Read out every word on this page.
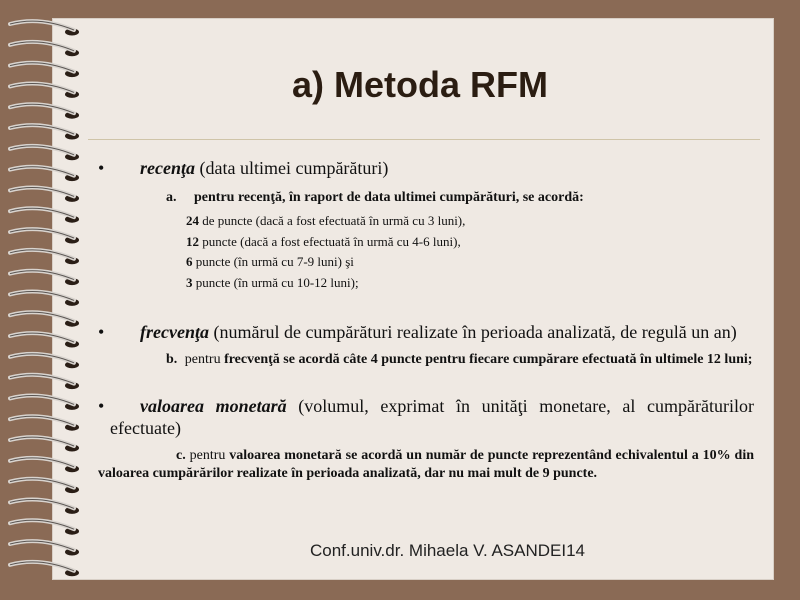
a) Metoda RFM
• recenţa (data ultimei cumpărături)
a. pentru recenţă, în raport de data ultimei cumpărături, se acordă:
24 de puncte (dacă a fost efectuată în urmă cu 3 luni),
12 puncte (dacă a fost efectuată în urmă cu 4-6 luni),
6 puncte (în urmă cu 7-9 luni) şi
3 puncte (în urmă cu 10-12 luni);
•	frecvenţa (numărul de cumpărături realizate în perioada analizată, de regulă un an)
b. pentru frecvenţă se acordă câte 4 puncte pentru fiecare cumpărare efectuată în ultimele 12 luni;
•	valoarea monetară (volumul, exprimat în unităţi monetare, al cumpărăturilor efectuate)
c. pentru valoarea monetară se acordă un număr de puncte reprezentând echivalentul a 10% din valoarea cumpărărilor realizate în perioada analizată, dar nu mai mult de 9 puncte.
Conf.univ.dr. Mihaela V. ASANDEI14
